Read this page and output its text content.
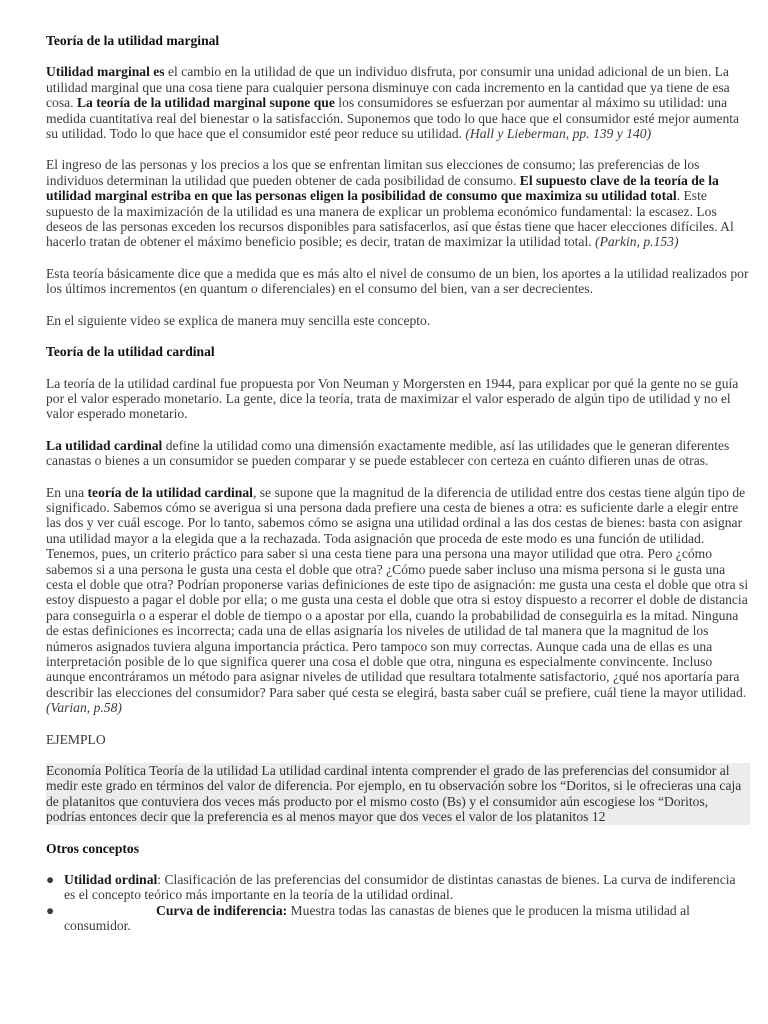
Teoría de la utilidad marginal

Utilidad marginal es el cambio en la utilidad de que un individuo disfruta, por consumir una unidad adicional de un bien. La utilidad marginal que una cosa tiene para cualquier persona disminuye con cada incremento en la cantidad que ya tiene de esa cosa. La teoría de la utilidad marginal supone que los consumidores se esfuerzan por aumentar al máximo su utilidad: una medida cuantitativa real del bienestar o la satisfacción. Suponemos que todo lo que hace que el consumidor esté mejor aumenta su utilidad. Todo lo que hace que el consumidor esté peor reduce su utilidad. (Hall y Lieberman, pp. 139 y 140)

El ingreso de las personas y los precios a los que se enfrentan limitan sus elecciones de consumo; las preferencias de los individuos determinan la utilidad que pueden obtener de cada posibilidad de consumo. El supuesto clave de la teoría de la utilidad marginal estriba en que las personas eligen la posibilidad de consumo que maximiza su utilidad total. Este supuesto de la maximización de la utilidad es una manera de explicar un problema económico fundamental: la escasez. Los deseos de las personas exceden los recursos disponibles para satisfacerlos, así que éstas tiene que hacer elecciones difíciles. Al hacerlo tratan de obtener el máximo beneficio posible; es decir, tratan de maximizar la utilidad total. (Parkin, p.153)

Esta teoría básicamente dice que a medida que es más alto el nivel de consumo de un bien, los aportes a la utilidad realizados por los últimos incrementos (en quantum o diferenciales) en el consumo del bien, van a ser decrecientes.

En el siguiente video se explica de manera muy sencilla este concepto.

Teoría de la utilidad cardinal

La teoría de la utilidad cardinal fue propuesta por Von Neuman y Morgersten en 1944, para explicar por qué la gente no se guía por el valor esperado monetario. La gente, dice la teoría, trata de maximizar el valor esperado de algún tipo de utilidad y no el valor esperado monetario.

La utilidad cardinal define la utilidad como una dimensión exactamente medible, así las utilidades que le generan diferentes canastas o bienes a un consumidor se pueden comparar y se puede establecer con certeza en cuánto difieren unas de otras.

En una teoría de la utilidad cardinal, se supone que la magnitud de la diferencia de utilidad entre dos cestas tiene algún tipo de significado. Sabemos cómo se averigua si una persona dada prefiere una cesta de bienes a otra: es suficiente darle a elegir entre las dos y ver cuál escoge. Por lo tanto, sabemos cómo se asigna una utilidad ordinal a las dos cestas de bienes: basta con asignar una utilidad mayor a la elegida que a la rechazada. Toda asignación que proceda de este modo es una función de utilidad. Tenemos, pues, un criterio práctico para saber si una cesta tiene para una persona una mayor utilidad que otra. Pero ¿cómo sabemos si a una persona le gusta una cesta el doble que otra? ¿Cómo puede saber incluso una misma persona si le gusta una cesta el doble que otra? Podrían proponerse varias definiciones de este tipo de asignación: me gusta una cesta el doble que otra si estoy dispuesto a pagar el doble por ella; o me gusta una cesta el doble que otra si estoy dispuesto a recorrer el doble de distancia para conseguirla o a esperar el doble de tiempo o a apostar por ella, cuando la probabilidad de conseguirla es la mitad. Ninguna de estas definiciones es incorrecta; cada una de ellas asignaría los niveles de utilidad de tal manera que la magnitud de los números asignados tuviera alguna importancia práctica. Pero tampoco son muy correctas. Aunque cada una de ellas es una interpretación posible de lo que significa querer una cosa el doble que otra, ninguna es especialmente convincente. Incluso aunque encontráramos un método para asignar niveles de utilidad que resultara totalmente satisfactorio, ¿qué nos aportaría para describir las elecciones del consumidor? Para saber qué cesta se elegirá, basta saber cuál se prefiere, cuál tiene la mayor utilidad. (Varian, p.58)

EJEMPLO

Economía Política Teoría de la utilidad La utilidad cardinal intenta comprender el grado de las preferencias del consumidor al medir este grado en términos del valor de diferencia. Por ejemplo, en tu observación sobre los “Doritos, si le ofrecieras una caja de platanitos que contuviera dos veces más producto por el mismo costo (Bs) y el consumidor aún escogiese los “Doritos, podrías entonces decir que la preferencia es al menos mayor que dos veces el valor de los platanitos 12

Otros conceptos

● Utilidad ordinal: Clasificación de las preferencias del consumidor de distintas canastas de bienes. La curva de indiferencia es el concepto teórico más importante en la teoría de la utilidad ordinal.

●	Curva de indiferencia: Muestra todas las canastas de bienes que le producen la misma utilidad al consumidor.
